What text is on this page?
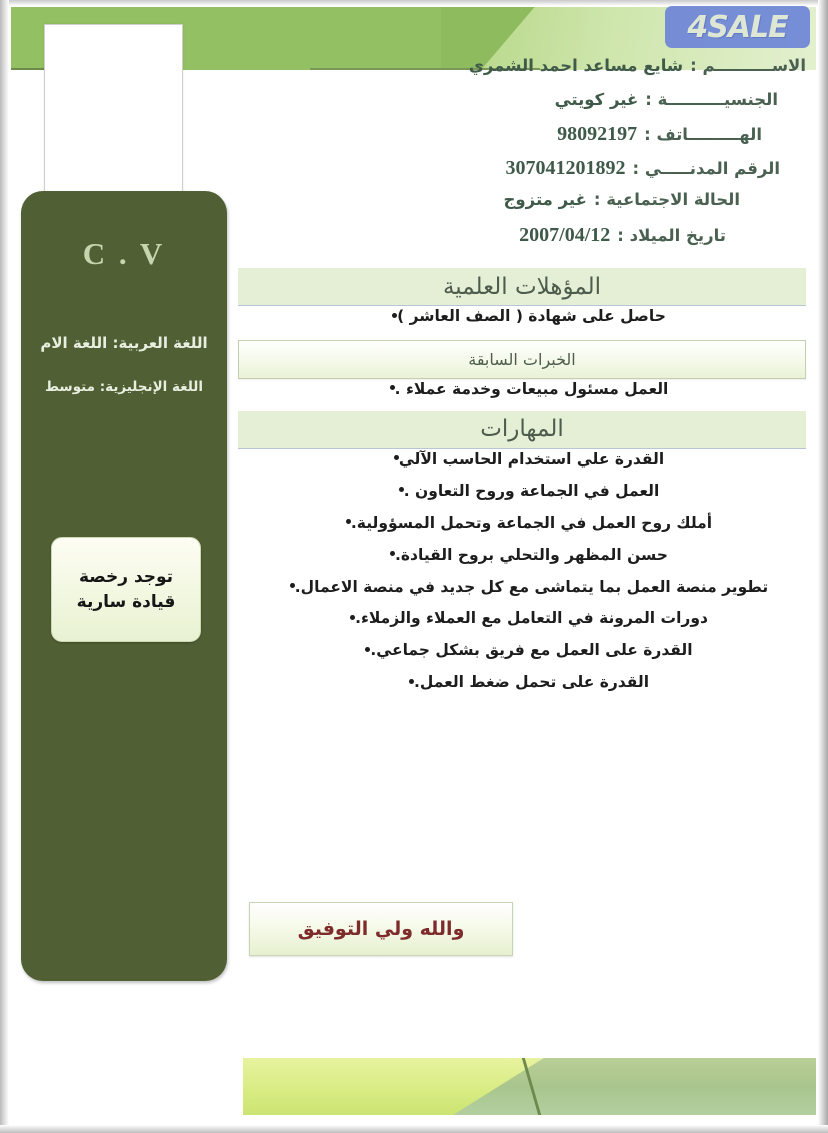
4SALE
C . V
اللغة العربية: اللغة الام
اللغة الإنجليزية: متوسط
توجد رخصة
قيادة سارية
الاســــــــــم :
شايع مساعد احمد الشمري
الجنسيــــــــــة :
غير كويتي
الهـــــــــاتف :
98092197
الرقم المدنـــــي :
307041201892
الحالة الاجتماعية :
غير متزوج
تاريخ الميلاد :
2007/04/12
المؤهلات العلمية
حاصل على شهادة ( الصف العاشر )
الخبرات السابقة
العمل مسئول مبيعات وخدمة عملاء .
المهارات
القدرة علي استخدام الحاسب الآلي
العمل في الجماعة وروح التعاون .
أملك روح العمل في الجماعة وتحمل المسؤولية.
حسن المظهر والتحلي بروح القيادة.
تطوير منصة العمل بما يتماشى مع كل جديد في منصة الاعمال.
دورات المرونة في التعامل مع العملاء والزملاء.
القدرة على العمل مع فريق بشكل جماعي.
القدرة على تحمل ضغط العمل.
والله ولي التوفيق
